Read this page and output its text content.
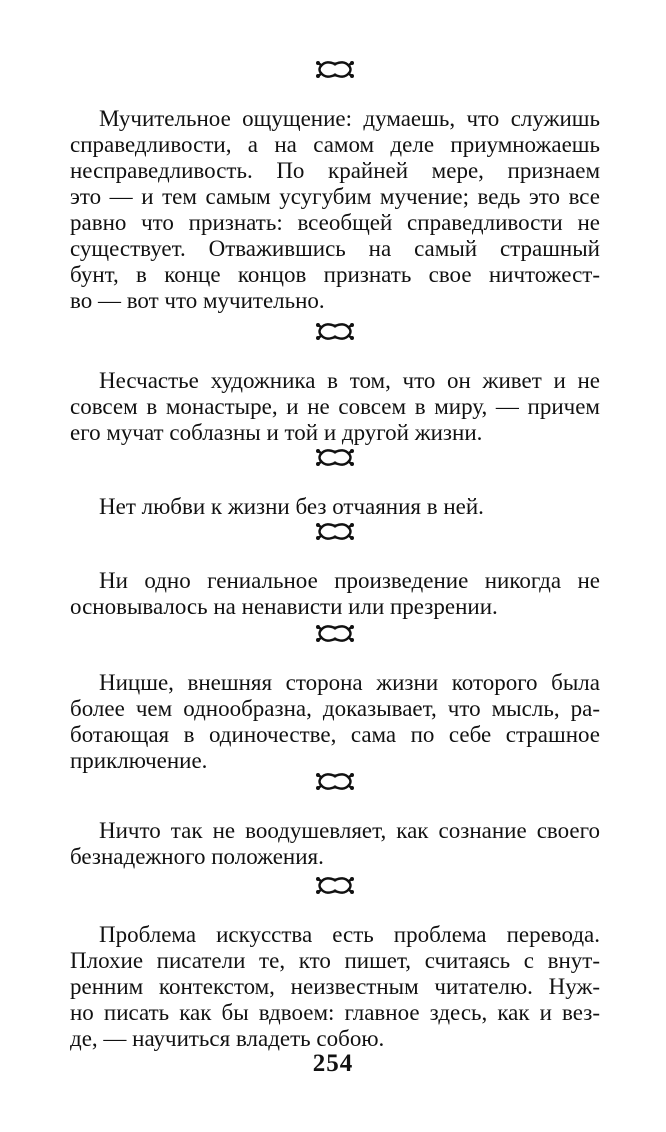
Мучительное ощущение: думаешь, что служишь
справедливости, а на самом деле приумножаешь
несправедливость. По крайней мере, признаем
это — и тем самым усугубим мучение; ведь это все
равно что признать: всеобщей справедливости не
существует. Отважившись на самый страшный
бунт, в конце концов признать свое ничтожест-
во — вот что мучительно.
Несчастье художника в том, что он живет и не
совсем в монастыре, и не совсем в миру, — причем
его мучат соблазны и той и другой жизни.
Нет любви к жизни без отчаяния в ней.
Ни одно гениальное произведение никогда не
основывалось на ненависти или презрении.
Ницше, внешняя сторона жизни которого была
более чем однообразна, доказывает, что мысль, ра-
ботающая в одиночестве, сама по себе страшное
приключение.
Ничто так не воодушевляет, как сознание своего
безнадежного положения.
Проблема искусства есть проблема перевода.
Плохие писатели те, кто пишет, считаясь с внут-
ренним контекстом, неизвестным читателю. Нуж-
но писать как бы вдвоем: главное здесь, как и вез-
де, — научиться владеть собою.
254
